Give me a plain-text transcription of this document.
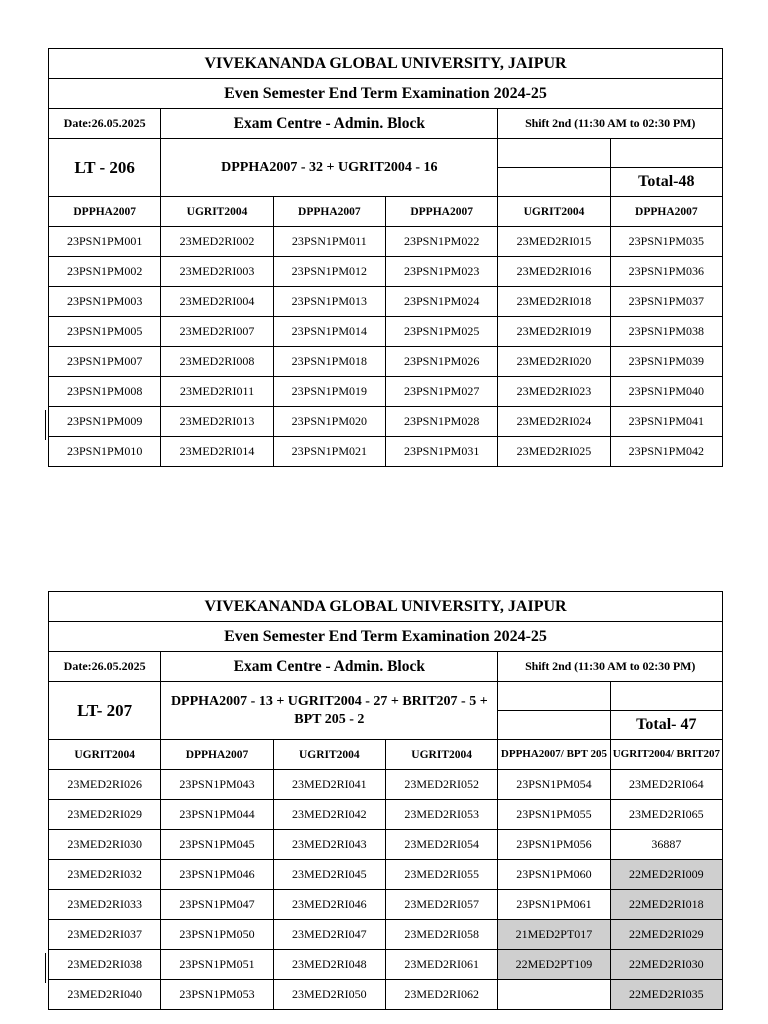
VIVEKANANDA GLOBAL UNIVERSITY, JAIPUR					
Even Semester End Term Examination 2024-25					
Date:26.05.2025	Exam Centre - Admin. Block			Shift 2nd (11:30 AM to 02:30 PM)	
LT - 206	DPPHA2007 - 32 + UGRIT2004 - 16				
					Total-48
DPPHA2007	UGRIT2004	DPPHA2007	DPPHA2007	UGRIT2004	DPPHA2007
23PSN1PM001	23MED2RI002	23PSN1PM011	23PSN1PM022	23MED2RI015	23PSN1PM035
23PSN1PM002	23MED2RI003	23PSN1PM012	23PSN1PM023	23MED2RI016	23PSN1PM036
23PSN1PM003	23MED2RI004	23PSN1PM013	23PSN1PM024	23MED2RI018	23PSN1PM037
23PSN1PM005	23MED2RI007	23PSN1PM014	23PSN1PM025	23MED2RI019	23PSN1PM038
23PSN1PM007	23MED2RI008	23PSN1PM018	23PSN1PM026	23MED2RI020	23PSN1PM039
23PSN1PM008	23MED2RI011	23PSN1PM019	23PSN1PM027	23MED2RI023	23PSN1PM040
23PSN1PM009	23MED2RI013	23PSN1PM020	23PSN1PM028	23MED2RI024	23PSN1PM041
23PSN1PM010	23MED2RI014	23PSN1PM021	23PSN1PM031	23MED2RI025	23PSN1PM042
VIVEKANANDA GLOBAL UNIVERSITY, JAIPUR					
Even Semester End Term Examination 2024-25					
Date:26.05.2025	Exam Centre - Admin. Block			Shift 2nd (11:30 AM to 02:30 PM)	
LT- 207	DPPHA2007 - 13 + UGRIT2004 - 27 + BRIT207 - 5 + BPT 205 - 2				
					Total- 47
UGRIT2004	DPPHA2007	UGRIT2004	UGRIT2004	DPPHA2007/ BPT 205	UGRIT2004/ BRIT207
23MED2RI026	23PSN1PM043	23MED2RI041	23MED2RI052	23PSN1PM054	23MED2RI064
23MED2RI029	23PSN1PM044	23MED2RI042	23MED2RI053	23PSN1PM055	23MED2RI065
23MED2RI030	23PSN1PM045	23MED2RI043	23MED2RI054	23PSN1PM056	36887
23MED2RI032	23PSN1PM046	23MED2RI045	23MED2RI055	23PSN1PM060	22MED2RI009
23MED2RI033	23PSN1PM047	23MED2RI046	23MED2RI057	23PSN1PM061	22MED2RI018
23MED2RI037	23PSN1PM050	23MED2RI047	23MED2RI058	21MED2PT017	22MED2RI029
23MED2RI038	23PSN1PM051	23MED2RI048	23MED2RI061	22MED2PT109	22MED2RI030
23MED2RI040	23PSN1PM053	23MED2RI050	23MED2RI062		22MED2RI035
